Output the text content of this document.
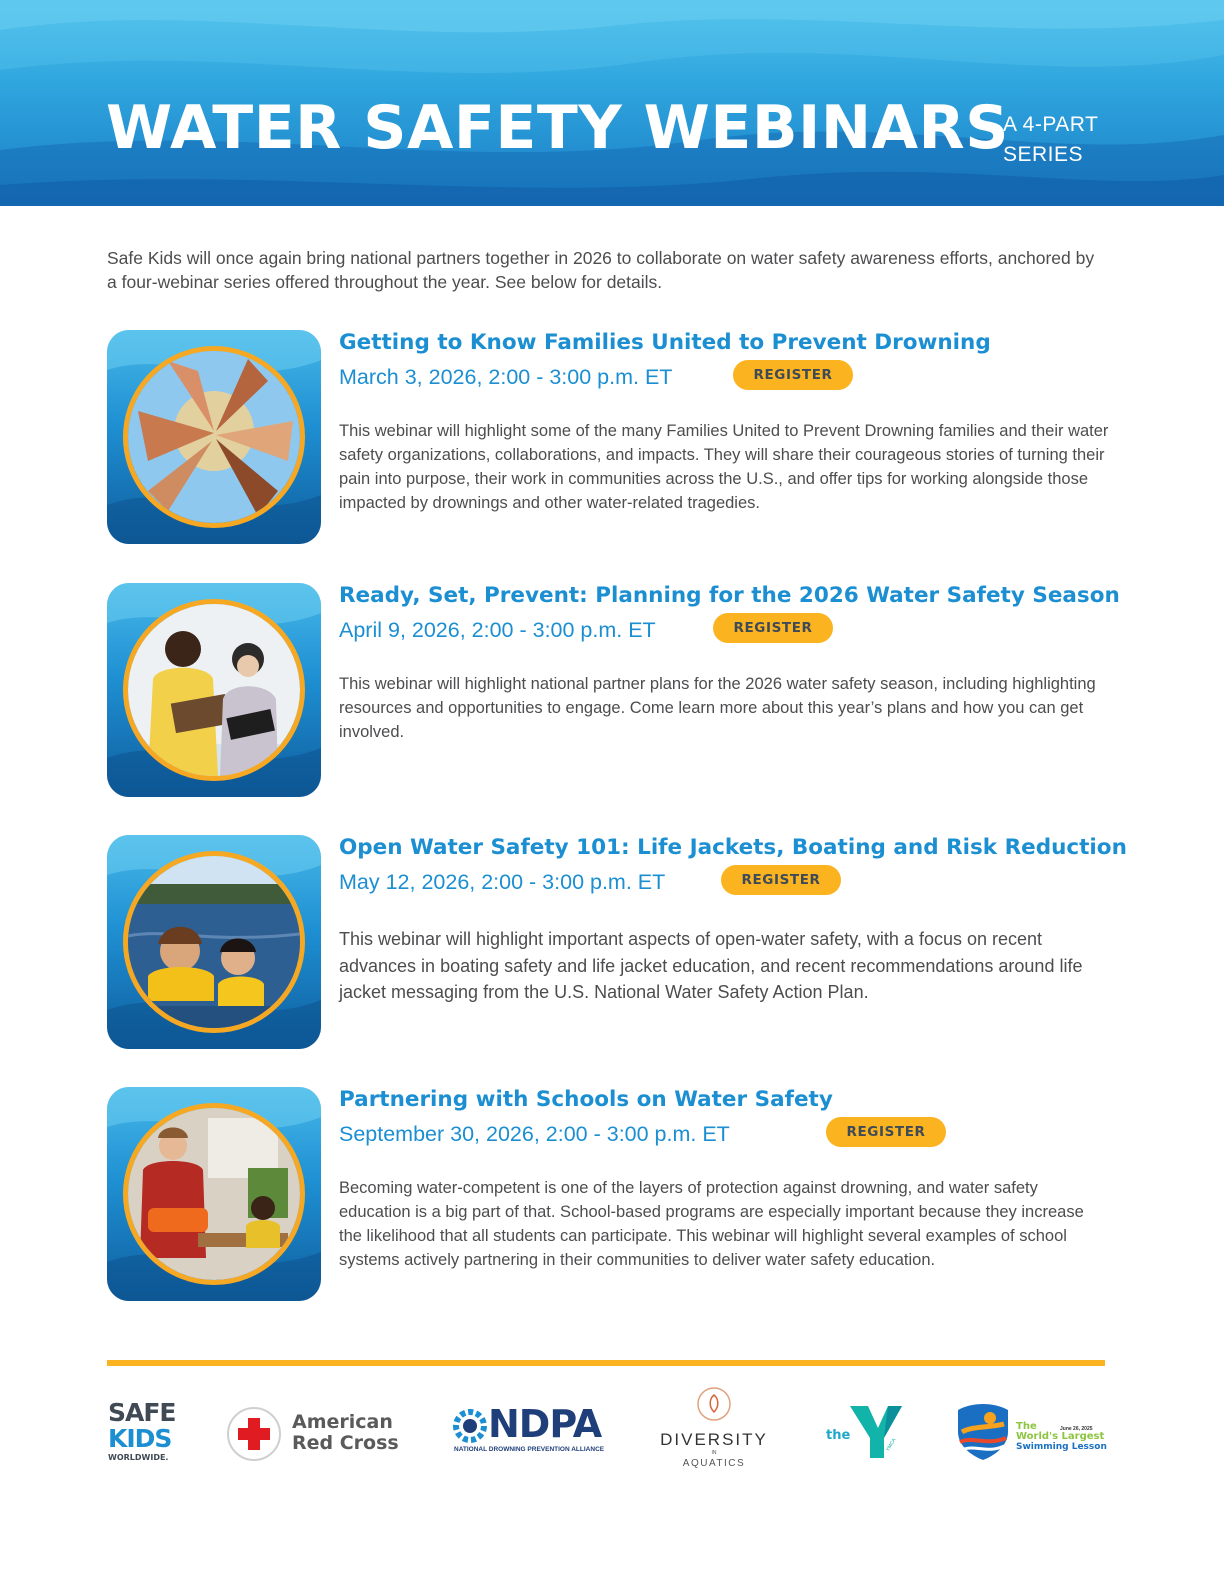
WATER SAFETY WEBINARS
A 4-PART
SERIES
Safe Kids will once again bring national partners together in 2026 to collaborate on water safety awareness efforts, anchored by a four-webinar series offered throughout the year. See below for details.
Getting to Know Families United to Prevent Drowning
March 3, 2026, 2:00 - 3:00 p.m. ET	REGISTER
This webinar will highlight some of the many Families United to Prevent Drowning families and their water safety organizations, collaborations, and impacts. They will share their courageous stories of turning their pain into purpose, their work in communities across the U.S., and offer tips for working alongside those impacted by drownings and other water-related tragedies.
Ready, Set, Prevent: Planning for the 2026 Water Safety Season
April 9, 2026, 2:00 - 3:00 p.m. ET	REGISTER
This webinar will highlight national partner plans for the 2026 water safety season, including highlighting resources and opportunities to engage. Come learn more about this year’s plans and how you can get involved.
Open Water Safety 101: Life Jackets, Boating and Risk Reduction
May 12, 2026, 2:00 - 3:00 p.m. ET	REGISTER
This webinar will highlight important aspects of open-water safety, with a focus on recent advances in boating safety and life jacket education, and recent recommendations around life jacket messaging from the U.S. National Water Safety Action Plan.
Partnering with Schools on Water Safety
September 30, 2026, 2:00 - 3:00 p.m. ET	REGISTER
Becoming water-competent is one of the layers of protection against drowning, and water safety education is a big part of that. School-based programs are especially important because they increase the likelihood that all students can participate. This webinar will highlight several examples of school systems actively partnering in their communities to deliver water safety education.
SAFE
KIDS
WORLDWIDE.
American
Red Cross NDPA
NATIONAL DROWNING PREVENTION ALLIANCE
DIVERSITY
IN
AQUATICS
the
YMCA
June 26, 2025
The
World's Largest
Swimming Lesson
